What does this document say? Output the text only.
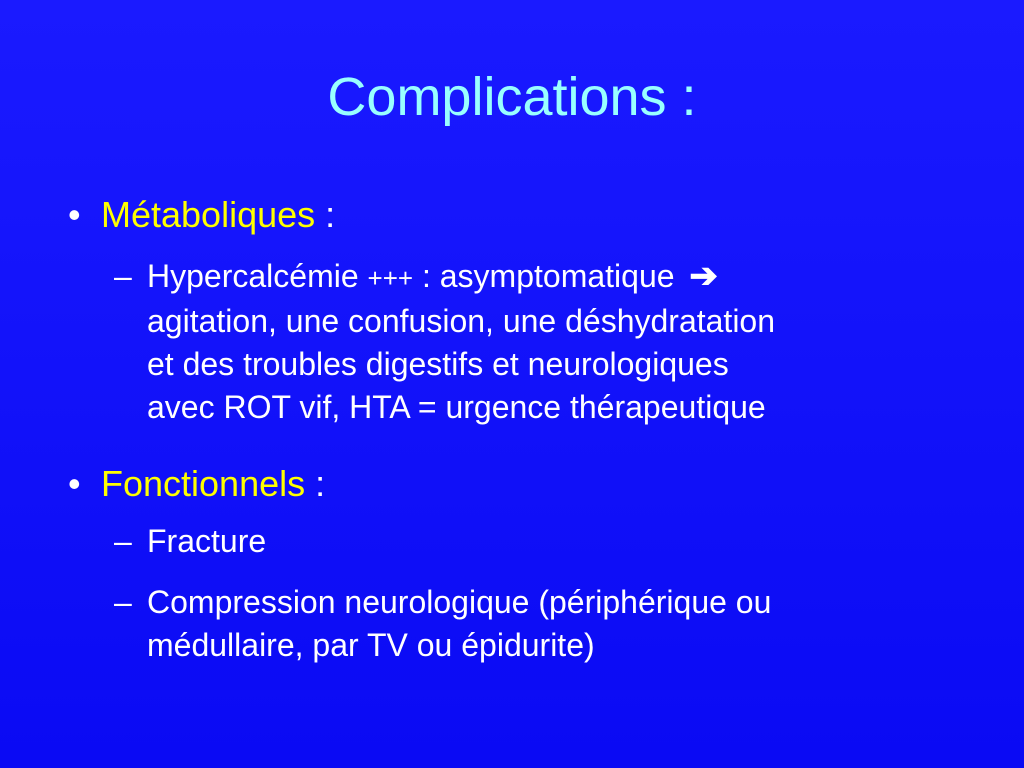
Complications :
• Métaboliques :
– Hypercalcémie +++ : asymptomatique ➔
agitation, une confusion, une déshydratation
et des troubles digestifs et neurologiques
avec ROT vif, HTA = urgence thérapeutique
• Fonctionnels :
– Fracture
– Compression neurologique (périphérique ou
médullaire, par TV ou épidurite)
